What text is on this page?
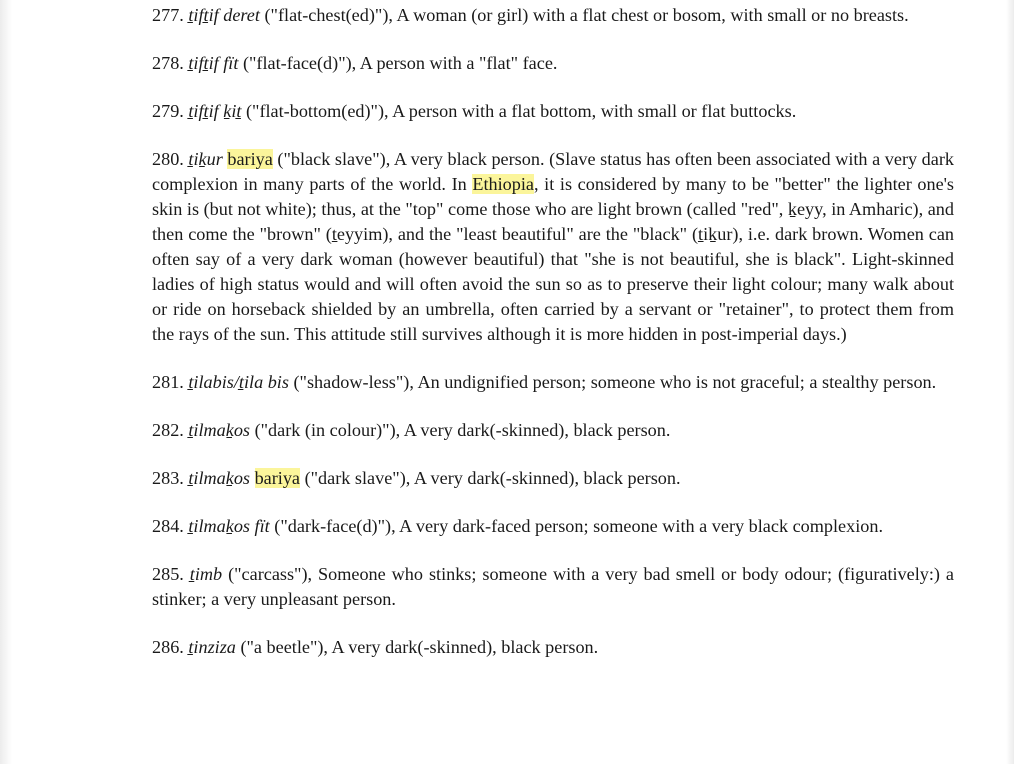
277. ṯifṯif deret ("flat-chest(ed)"), A woman (or girl) with a flat chest or bosom, with small or no breasts.

278. ṯifṯif fït ("flat-face(d)"), A person with a "flat" face.

279. ṯifṯif ḵiṯ ("flat-bottom(ed)"), A person with a flat bottom, with small or flat buttocks.

280. ṯiḵur bariya ("black slave"), A very black person. (Slave status has often been associated with a very dark complexion in many parts of the world. In Ethiopia, it is considered by many to be "better" the lighter one's skin is (but not white); thus, at the "top" come those who are light brown (called "red", ḵeyy, in Amharic), and then come the "brown" (ṯeyyim), and the "least beautiful" are the "black" (ṯiḵur), i.e. dark brown. Women can often say of a very dark woman (however beautiful) that "she is not beautiful, she is black". Light-skinned ladies of high status would and will often avoid the sun so as to preserve their light colour; many walk about or ride on horseback shielded by an umbrella, often carried by a servant or "retainer", to protect them from the rays of the sun. This attitude still survives although it is more hidden in post-imperial days.)

281. ṯilabis/ṯila bis ("shadow-less"), An undignified person; someone who is not graceful; a stealthy person.

282. ṯilmaḵos ("dark (in colour)"), A very dark(-skinned), black person.

283. ṯilmaḵos bariya ("dark slave"), A very dark(-skinned), black person.

284. ṯilmaḵos fït ("dark-face(d)"), A very dark-faced person; someone with a very black complexion.

285. ṯimb ("carcass"), Someone who stinks; someone with a very bad smell or body odour; (figuratively:) a stinker; a very unpleasant person.

286. ṯinziza ("a beetle"), A very dark(-skinned), black person.
